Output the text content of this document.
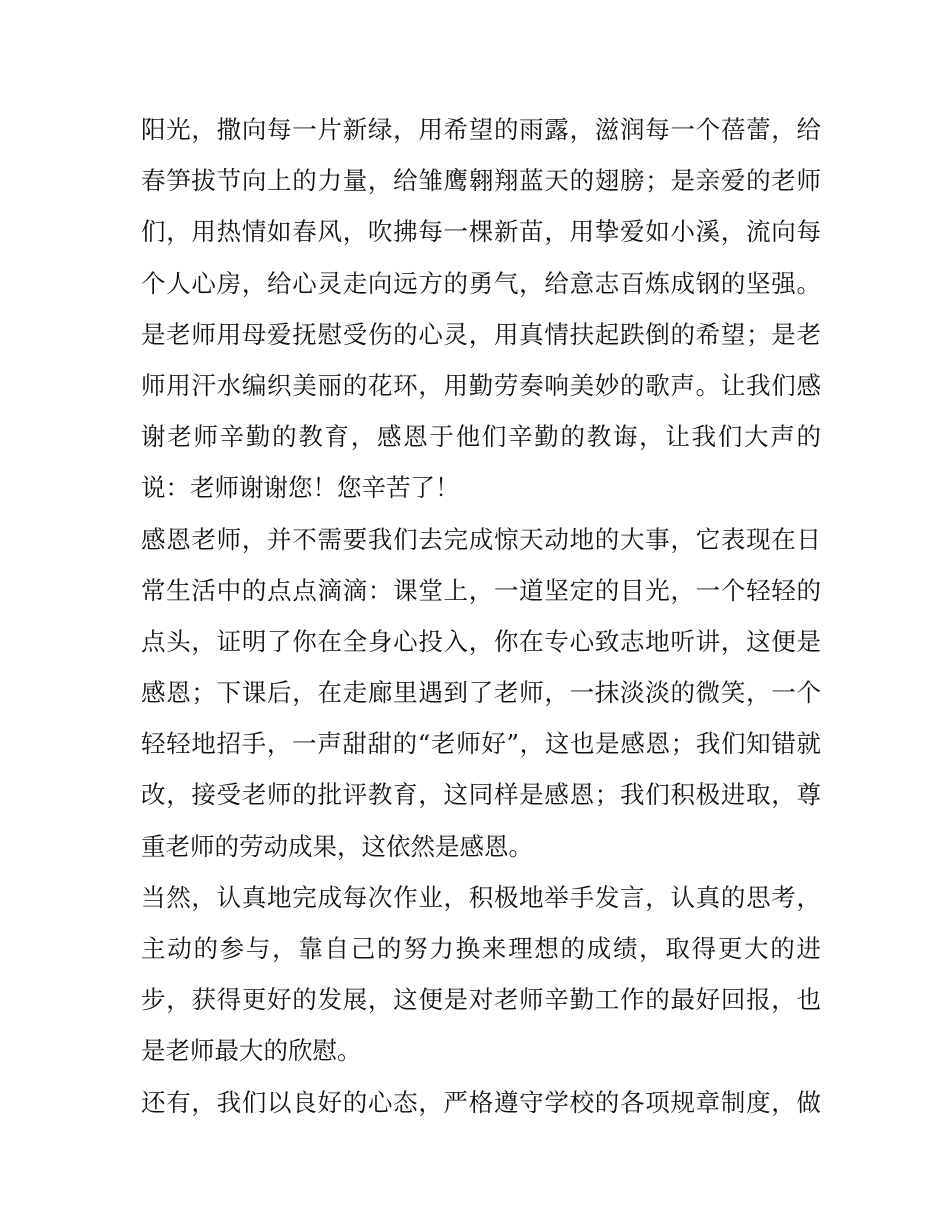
阳光，撒向每一片新绿，用希望的雨露，滋润每一个蓓蕾，给
春笋拔节向上的力量，给雏鹰翱翔蓝天的翅膀；是亲爱的老师
们，用热情如春风，吹拂每一棵新苗，用挚爱如小溪，流向每
个人心房，给心灵走向远方的勇气，给意志百炼成钢的坚强。
是老师用母爱抚慰受伤的心灵，用真情扶起跌倒的希望；是老
师用汗水编织美丽的花环，用勤劳奏响美妙的歌声。让我们感
谢老师辛勤的教育，感恩于他们辛勤的教诲，让我们大声的
说：老师谢谢您！您辛苦了！
感恩老师，并不需要我们去完成惊天动地的大事，它表现在日
常生活中的点点滴滴：课堂上，一道坚定的目光，一个轻轻的
点头，证明了你在全身心投入，你在专心致志地听讲，这便是
感恩；下课后，在走廊里遇到了老师，一抹淡淡的微笑，一个
轻轻地招手，一声甜甜的“老师好”，这也是感恩；我们知错就
改，接受老师的批评教育，这同样是感恩；我们积极进取，尊
重老师的劳动成果，这依然是感恩。
当然，认真地完成每次作业，积极地举手发言，认真的思考，
主动的参与，靠自己的努力换来理想的成绩，取得更大的进
步，获得更好的发展，这便是对老师辛勤工作的最好回报，也
是老师最大的欣慰。
还有，我们以良好的心态，严格遵守学校的各项规章制度，做
